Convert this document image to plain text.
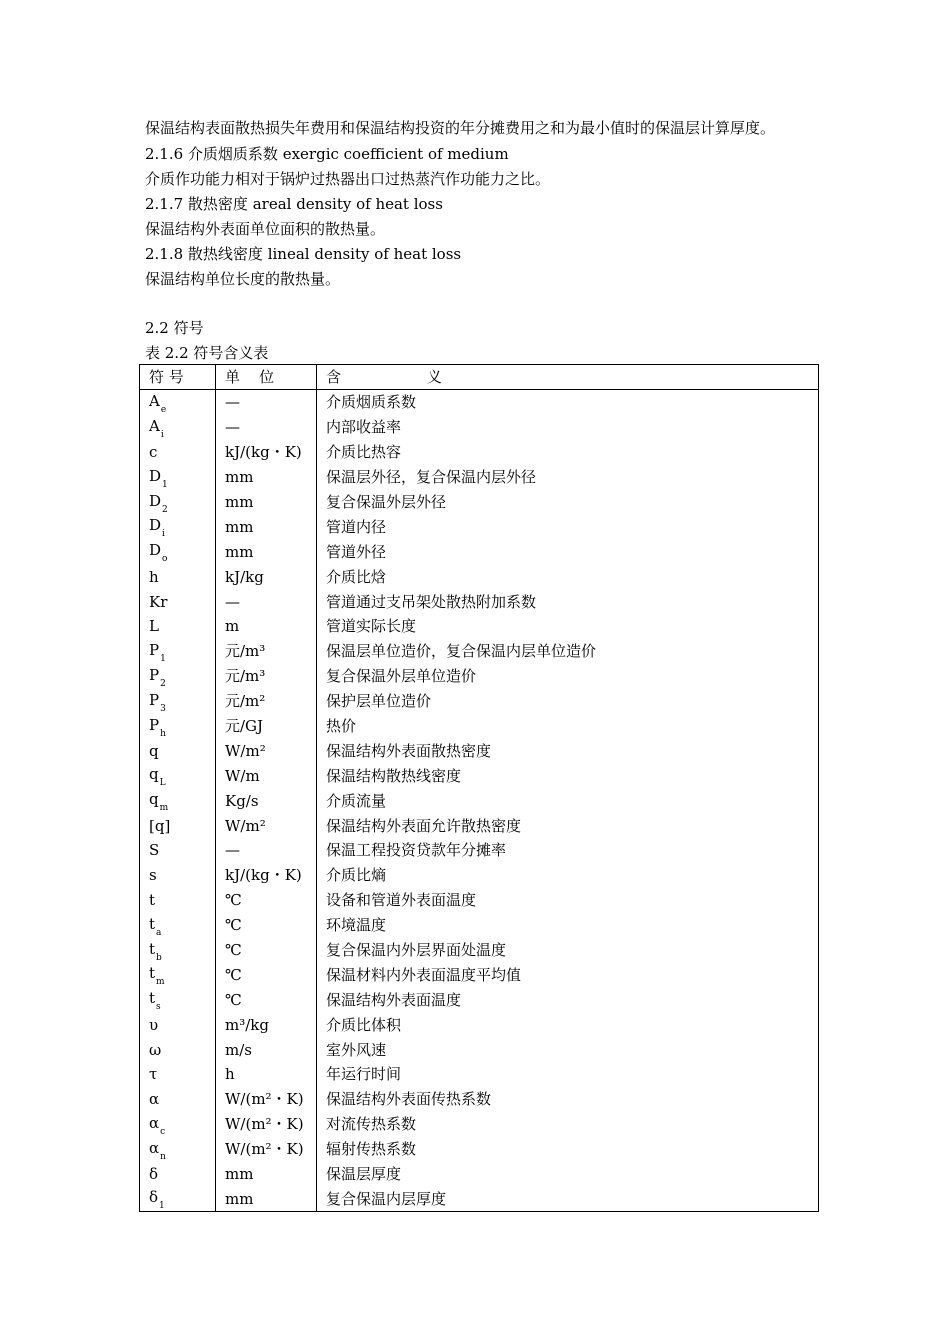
保温结构表面散热损失年费用和保温结构投资的年分摊费用之和为最小值时的保温层计算厚度。
2.1.6 介质烟质系数 exergic coefficient of medium
介质作功能力相对于锅炉过热器出口过热蒸汽作功能力之比。
2.1.7 散热密度 areal density of heat loss
保温结构外表面单位面积的散热量。
2.1.8 散热线密度 lineal density of heat loss
保温结构单位长度的散热量。
2.2 符号
表 2.2 符号含义表
符 号	单    位	含                  义
$A_e$	—	介质烟质系数
$A_i$	—	内部收益率
c	kJ/(kg・K)	介质比热容
$D_1$	mm	保温层外径，复合保温内层外径
$D_2$	mm	复合保温外层外径
$D_i$	mm	管道内径
$D_o$	mm	管道外径
h	kJ/kg	介质比焓
Kr	—	管道通过支吊架处散热附加系数
L	m	管道实际长度
$P_1$	元/m³	保温层单位造价，复合保温内层单位造价
$P_2$	元/m³	复合保温外层单位造价
$P_3$	元/m²	保护层单位造价
$P_h$	元/GJ	热价
q	W/m²	保温结构外表面散热密度
$q_L$	W/m	保温结构散热线密度
$q_m$	Kg/s	介质流量
[q]	W/m²	保温结构外表面允许散热密度
S	—	保温工程投资贷款年分摊率
s	kJ/(kg・K)	介质比熵
t	℃	设备和管道外表面温度
$t_a$	℃	环境温度
$t_b$	℃	复合保温内外层界面处温度
$t_m$	℃	保温材料内外表面温度平均值
$t_s$	℃	保温结构外表面温度
υ	m³/kg	介质比体积
ω	m/s	室外风速
τ	h	年运行时间
α	W/(m²・K)	保温结构外表面传热系数
$\alpha_c$	W/(m²・K)	对流传热系数
$\alpha_n$	W/(m²・K)	辐射传热系数
δ	mm	保温层厚度
$\delta_1$	mm	复合保温内层厚度
